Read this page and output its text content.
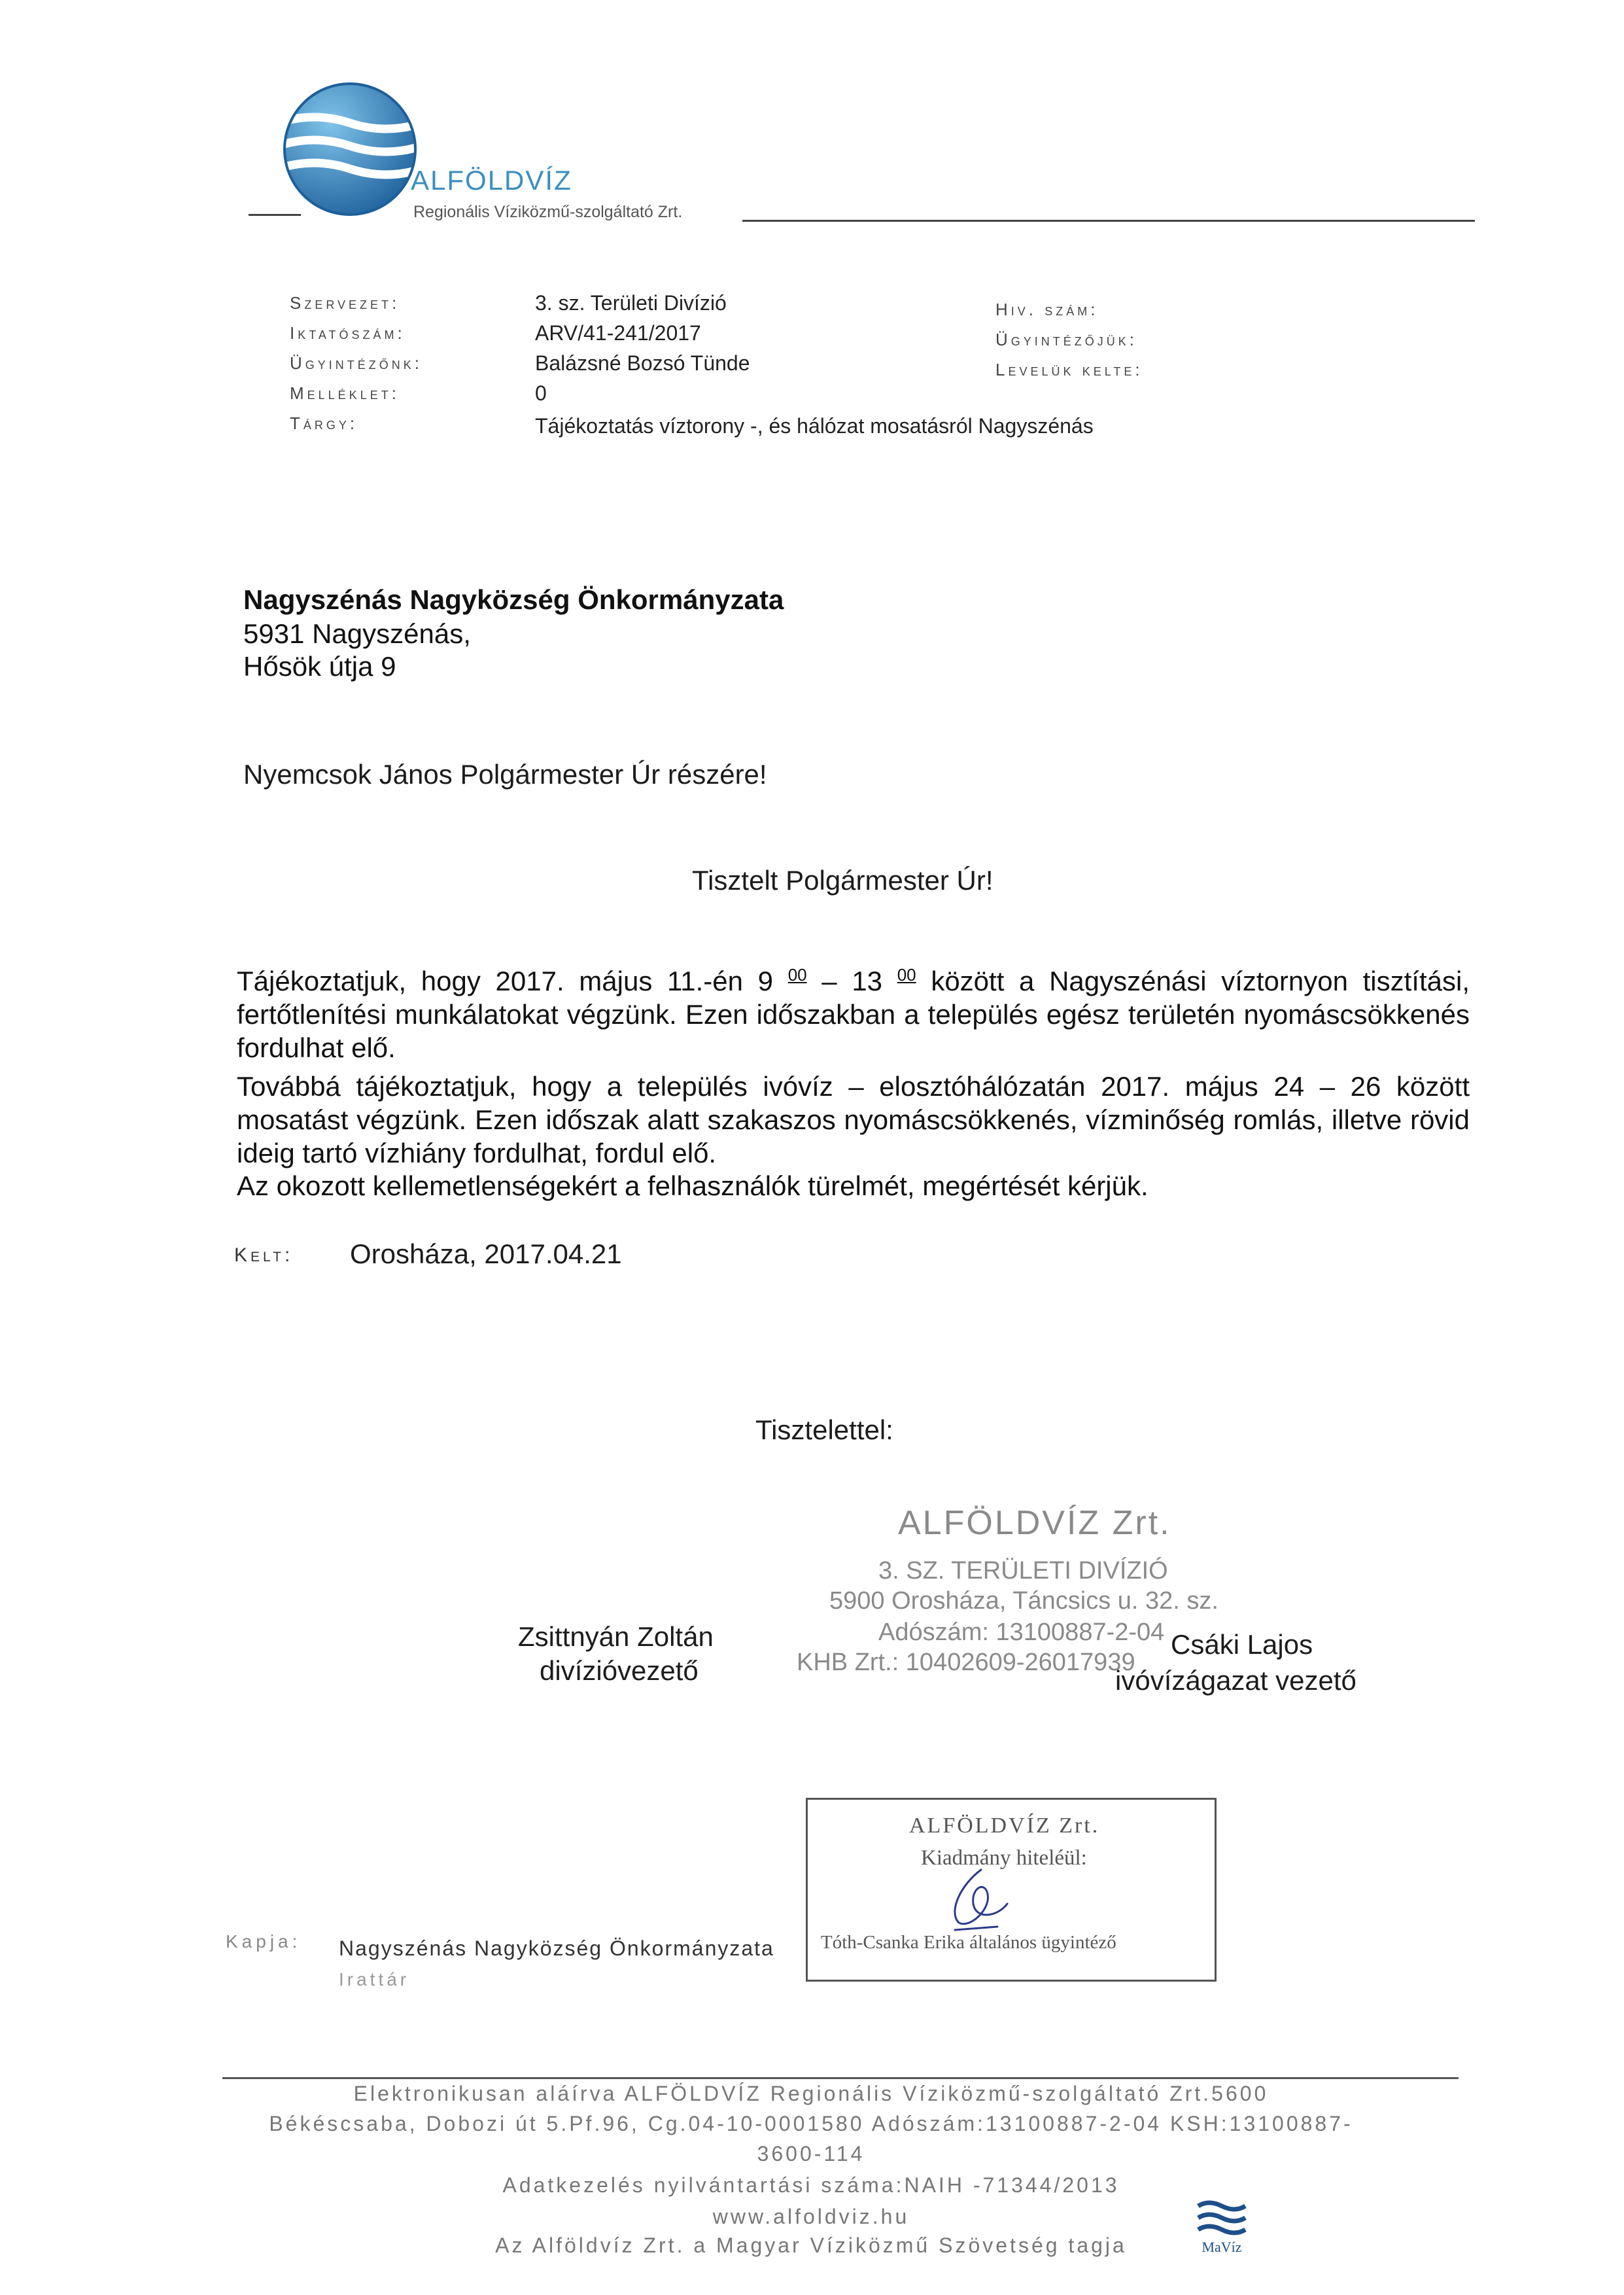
ALFÖLDVÍZ
Regionális Víziközmű-szolgáltató Zrt.
Szervezet:	3. sz. Területi Divízió
Iktatószám:	ARV/41-241/2017
Ügyintézőnk:	Balázsné Bozsó Tünde
Melléklet:	0
Tárgy:	Tájékoztatás víztorony -, és hálózat mosatásról Nagyszénás
Hiv. szám:
Ügyintézőjük:
Levelük kelte:
Nagyszénás Nagyközség Önkormányzata
5931 Nagyszénás,
Hősök útja 9
Nyemcsok János Polgármester Úr részére!
Tisztelt Polgármester Úr!
Tájékoztatjuk, hogy 2017. május 11.-én 9 $^{00}$ – 13 $^{00}$ között a Nagyszénási víztornyon tisztítási, fertőtlenítési munkálatokat végzünk. Ezen időszakban a település egész területén nyomáscsökkenés fordulhat elő.
Továbbá tájékoztatjuk, hogy a település ivóvíz – elosztóhálózatán 2017. május 24 – 26 között mosatást végzünk. Ezen időszak alatt szakaszos nyomáscsökkenés, vízminőség romlás, illetve rövid ideig tartó vízhiány fordulhat, fordul elő.
Az okozott kellemetlenségekért a felhasználók türelmét, megértését kérjük.
Kelt: Orosháza, 2017.04.21
Tisztelettel:
ALFÖLDVÍZ Zrt.
3. SZ. TERÜLETI DIVÍZIÓ
5900 Orosháza, Táncsics u. 32. sz.
Adószám: 13100887-2-04
KHB Zrt.: 10402609-26017939
Zsittnyán Zoltán
divízióvezető
Csáki Lajos
ivóvízágazat vezető
ALFÖLDVÍZ Zrt.
Kiadmány hiteléül:
Tóth-Csanka Erika általános ügyintéző
Kapja: Nagyszénás Nagyközség Önkormányzata
Irattár
Elektronikusan aláírva ALFÖLDVÍZ Regionális Víziközmű-szolgáltató Zrt.5600
Békéscsaba, Dobozi út 5.Pf.96, Cg.04-10-0001580 Adószám:13100887-2-04 KSH:13100887-
3600-114
Adatkezelés nyilvántartási száma:NAIH -71344/2013
www.alfoldviz.hu
Az Alföldvíz Zrt. a Magyar Víziközmű Szövetség tagja	MaVíz
